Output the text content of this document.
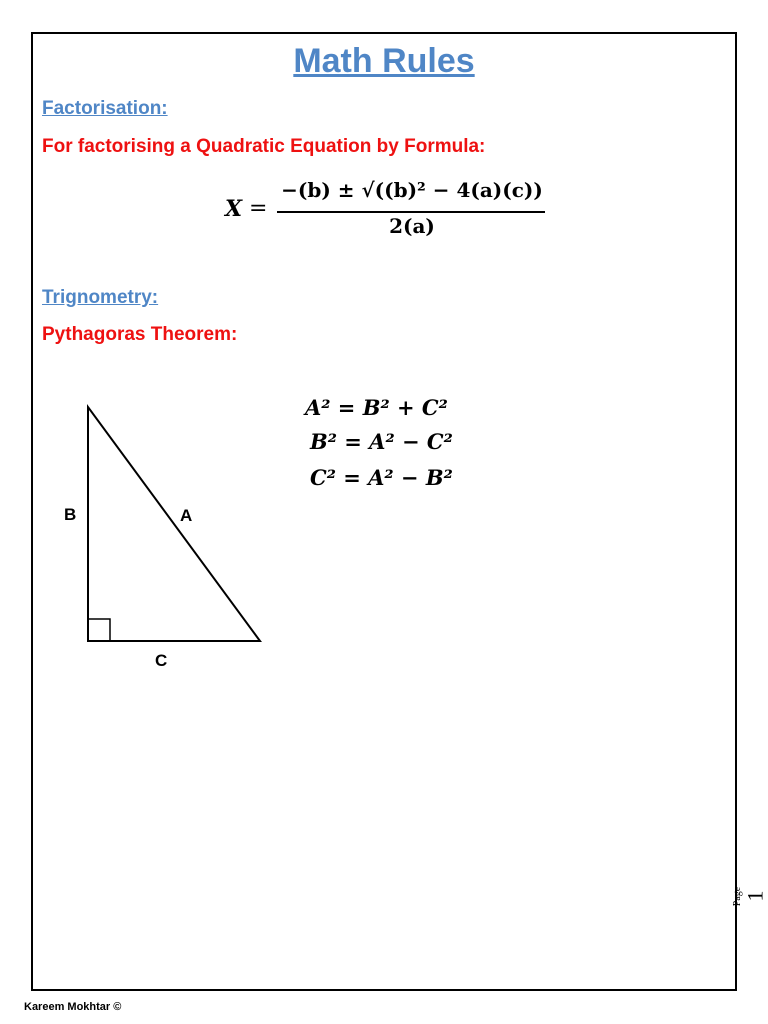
Math Rules
Factorisation:
For factorising a Quadratic Equation by Formula:
X =
−(b) ± √((b)² − 4(a)(c))
2(a)
Trignometry:
Pythagoras Theorem:
A² = B² + C²
B² = A² − C²
C² = A² − B²
B	A
C
Page 1
Kareem Mokhtar ©
